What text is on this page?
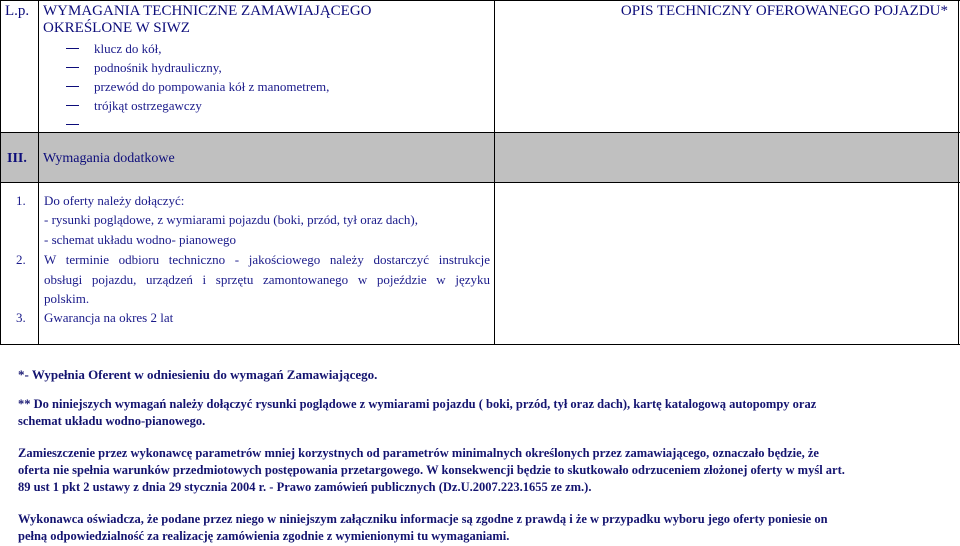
L.p. WYMAGANIA TECHNICZNE ZAMAWIAJĄCEGO
OKREŚLONE W SIWZ
OPIS TECHNICZNY OFEROWANEGO POJAZDU*
klucz do kół,
podnośnik hydrauliczny,
przewód do pompowania kół z manometrem,
trójkąt ostrzegawczy
III. Wymagania dodatkowe
1. Do oferty należy dołączyć:
- rysunki poglądowe, z wymiarami pojazdu (boki, przód, tył oraz dach),
- schemat układu wodno- pianowego
2. W terminie odbioru techniczno - jakościowego należy dostarczyć instrukcje
obsługi pojazdu, urządzeń i sprzętu zamontowanego w pojeździe w języku
polskim.
3. Gwarancja na okres 2 lat
*- Wypełnia Oferent w odniesieniu do wymagań Zamawiającego.
** Do niniejszych wymagań należy dołączyć rysunki poglądowe z wymiarami pojazdu ( boki, przód, tył oraz dach), kartę katalogową autopompy oraz
schemat układu wodno-pianowego.
Zamieszczenie przez wykonawcę parametrów mniej korzystnych od parametrów minimalnych określonych przez zamawiającego, oznaczało będzie, że
oferta nie spełnia warunków przedmiotowych postępowania przetargowego. W konsekwencji będzie to skutkowało odrzuceniem złożonej oferty w myśl art.
89 ust 1 pkt 2 ustawy z dnia 29 stycznia 2004 r. - Prawo zamówień publicznych (Dz.U.2007.223.1655 ze zm.).
Wykonawca oświadcza, że podane przez niego w niniejszym załączniku informacje są zgodne z prawdą i że w przypadku wyboru jego oferty poniesie on
pełną odpowiedzialność za realizację zamówienia zgodnie z wymienionymi tu wymaganiami.
